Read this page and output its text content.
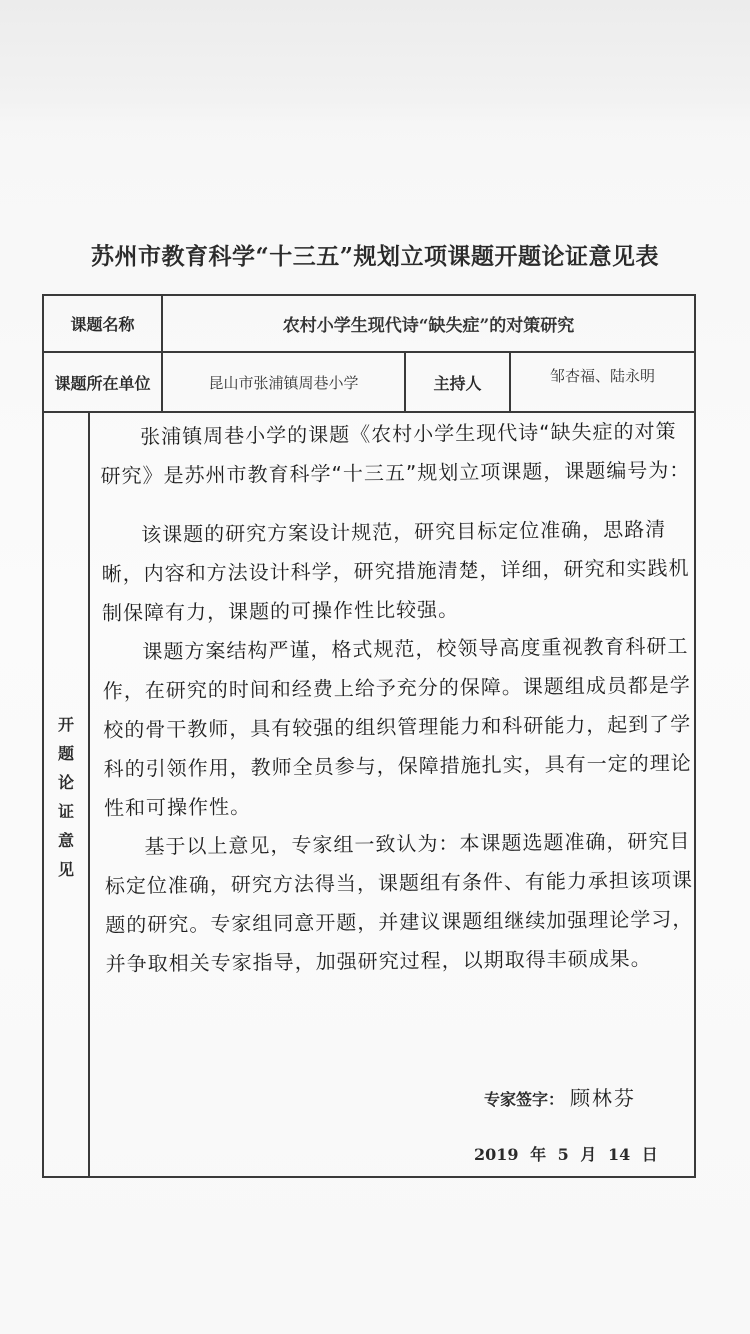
苏州市教育科学“十三五”规划立项课题开题论证意见表
课题名称	农村小学生现代诗“缺失症”的对策研究
课题所在单位	昆山市张浦镇周巷小学	主持人	邹杏福、陆永明
开
题
论
证
意
见

张浦镇周巷小学的课题《农村小学生现代诗“缺失症的对策研究》是苏州市教育科学“十三五”规划立项课题，课题编号为：

该课题的研究方案设计规范，研究目标定位准确，思路清晰，内容和方法设计科学，研究措施清楚，详细，研究和实践机制保障有力，课题的可操作性比较强。

课题方案结构严谨，格式规范，校领导高度重视教育科研工作，在研究的时间和经费上给予充分的保障。课题组成员都是学校的骨干教师，具有较强的组织管理能力和科研能力，起到了学科的引领作用，教师全员参与，保障措施扎实，具有一定的理论性和可操作性。

基于以上意见，专家组一致认为：本课题选题准确，研究目标定位准确，研究方法得当，课题组有条件、有能力承担该项课题的研究。专家组同意开题，并建议课题组继续加强理论学习，并争取相关专家指导，加强研究过程，以期取得丰硕成果。

专家签字： 顾林芬
2019 年 5 月 14 日
